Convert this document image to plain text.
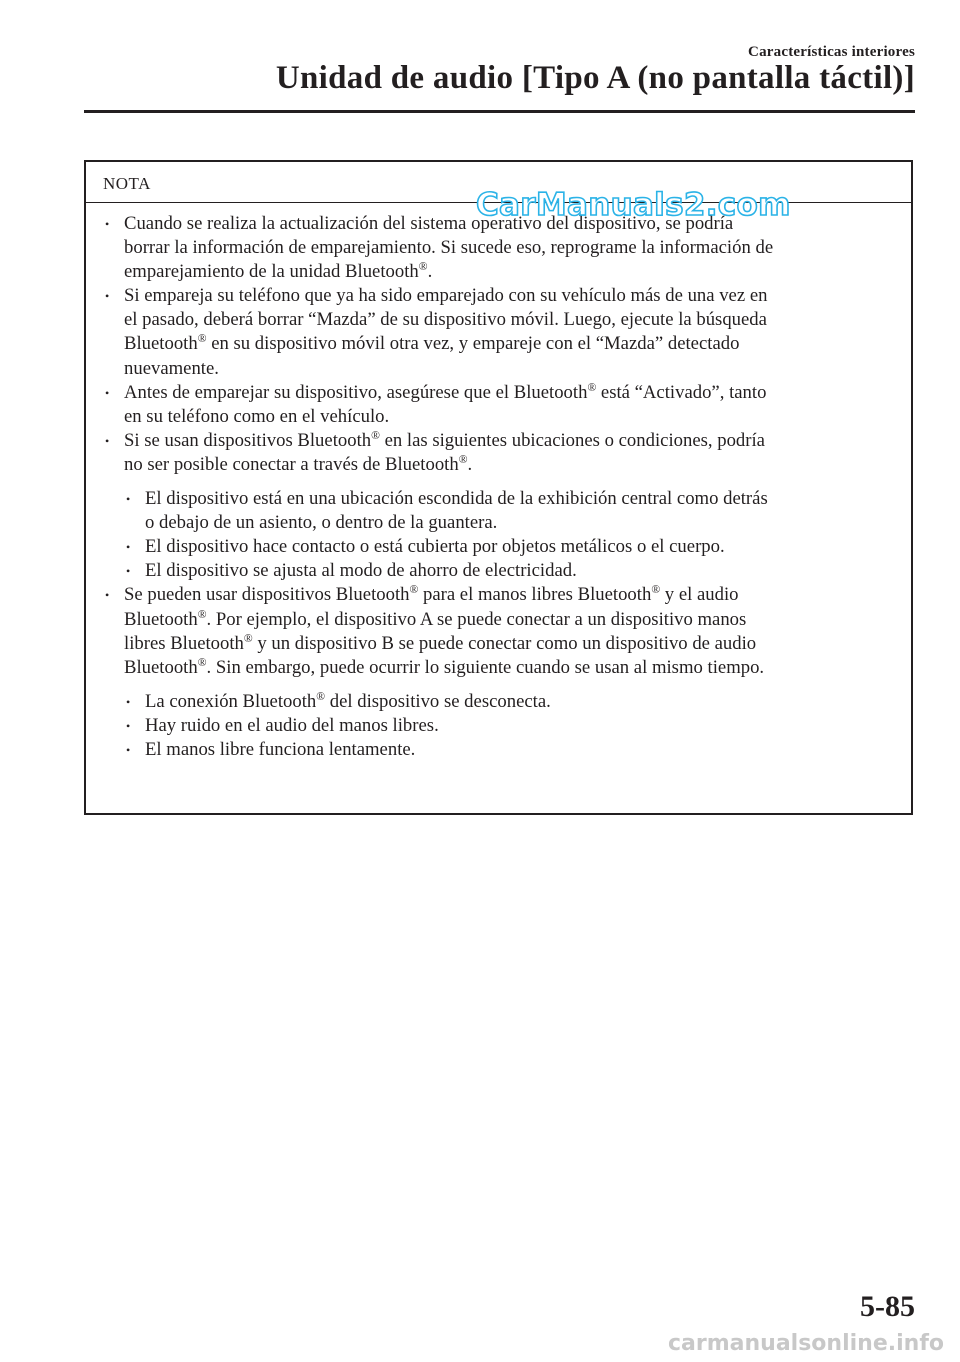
Características interiores
Unidad de audio [Tipo A (no pantalla táctil)]
NOTA
• Cuando se realiza la actualización del sistema operativo del dispositivo, se podría
borrar la información de emparejamiento. Si sucede eso, reprograme la información de
emparejamiento de la unidad Bluetooth®.
• Si empareja su teléfono que ya ha sido emparejado con su vehículo más de una vez en
el pasado, deberá borrar “Mazda” de su dispositivo móvil. Luego, ejecute la búsqueda
Bluetooth® en su dispositivo móvil otra vez, y empareje con el “Mazda” detectado
nuevamente.
• Antes de emparejar su dispositivo, asegúrese que el Bluetooth® está “Activado”, tanto
en su teléfono como en el vehículo.
• Si se usan dispositivos Bluetooth® en las siguientes ubicaciones o condiciones, podría
no ser posible conectar a través de Bluetooth®.
• El dispositivo está en una ubicación escondida de la exhibición central como detrás
o debajo de un asiento, o dentro de la guantera.
• El dispositivo hace contacto o está cubierta por objetos metálicos o el cuerpo.
• El dispositivo se ajusta al modo de ahorro de electricidad.
• Se pueden usar dispositivos Bluetooth® para el manos libres Bluetooth® y el audio
Bluetooth®. Por ejemplo, el dispositivo A se puede conectar a un dispositivo manos
libres Bluetooth® y un dispositivo B se puede conectar como un dispositivo de audio
Bluetooth®. Sin embargo, puede ocurrir lo siguiente cuando se usan al mismo tiempo.
• La conexión Bluetooth® del dispositivo se desconecta.
• Hay ruido en el audio del manos libres.
• El manos libre funciona lentamente.
CarManuals2.com
5-85
carmanualsonline.info
